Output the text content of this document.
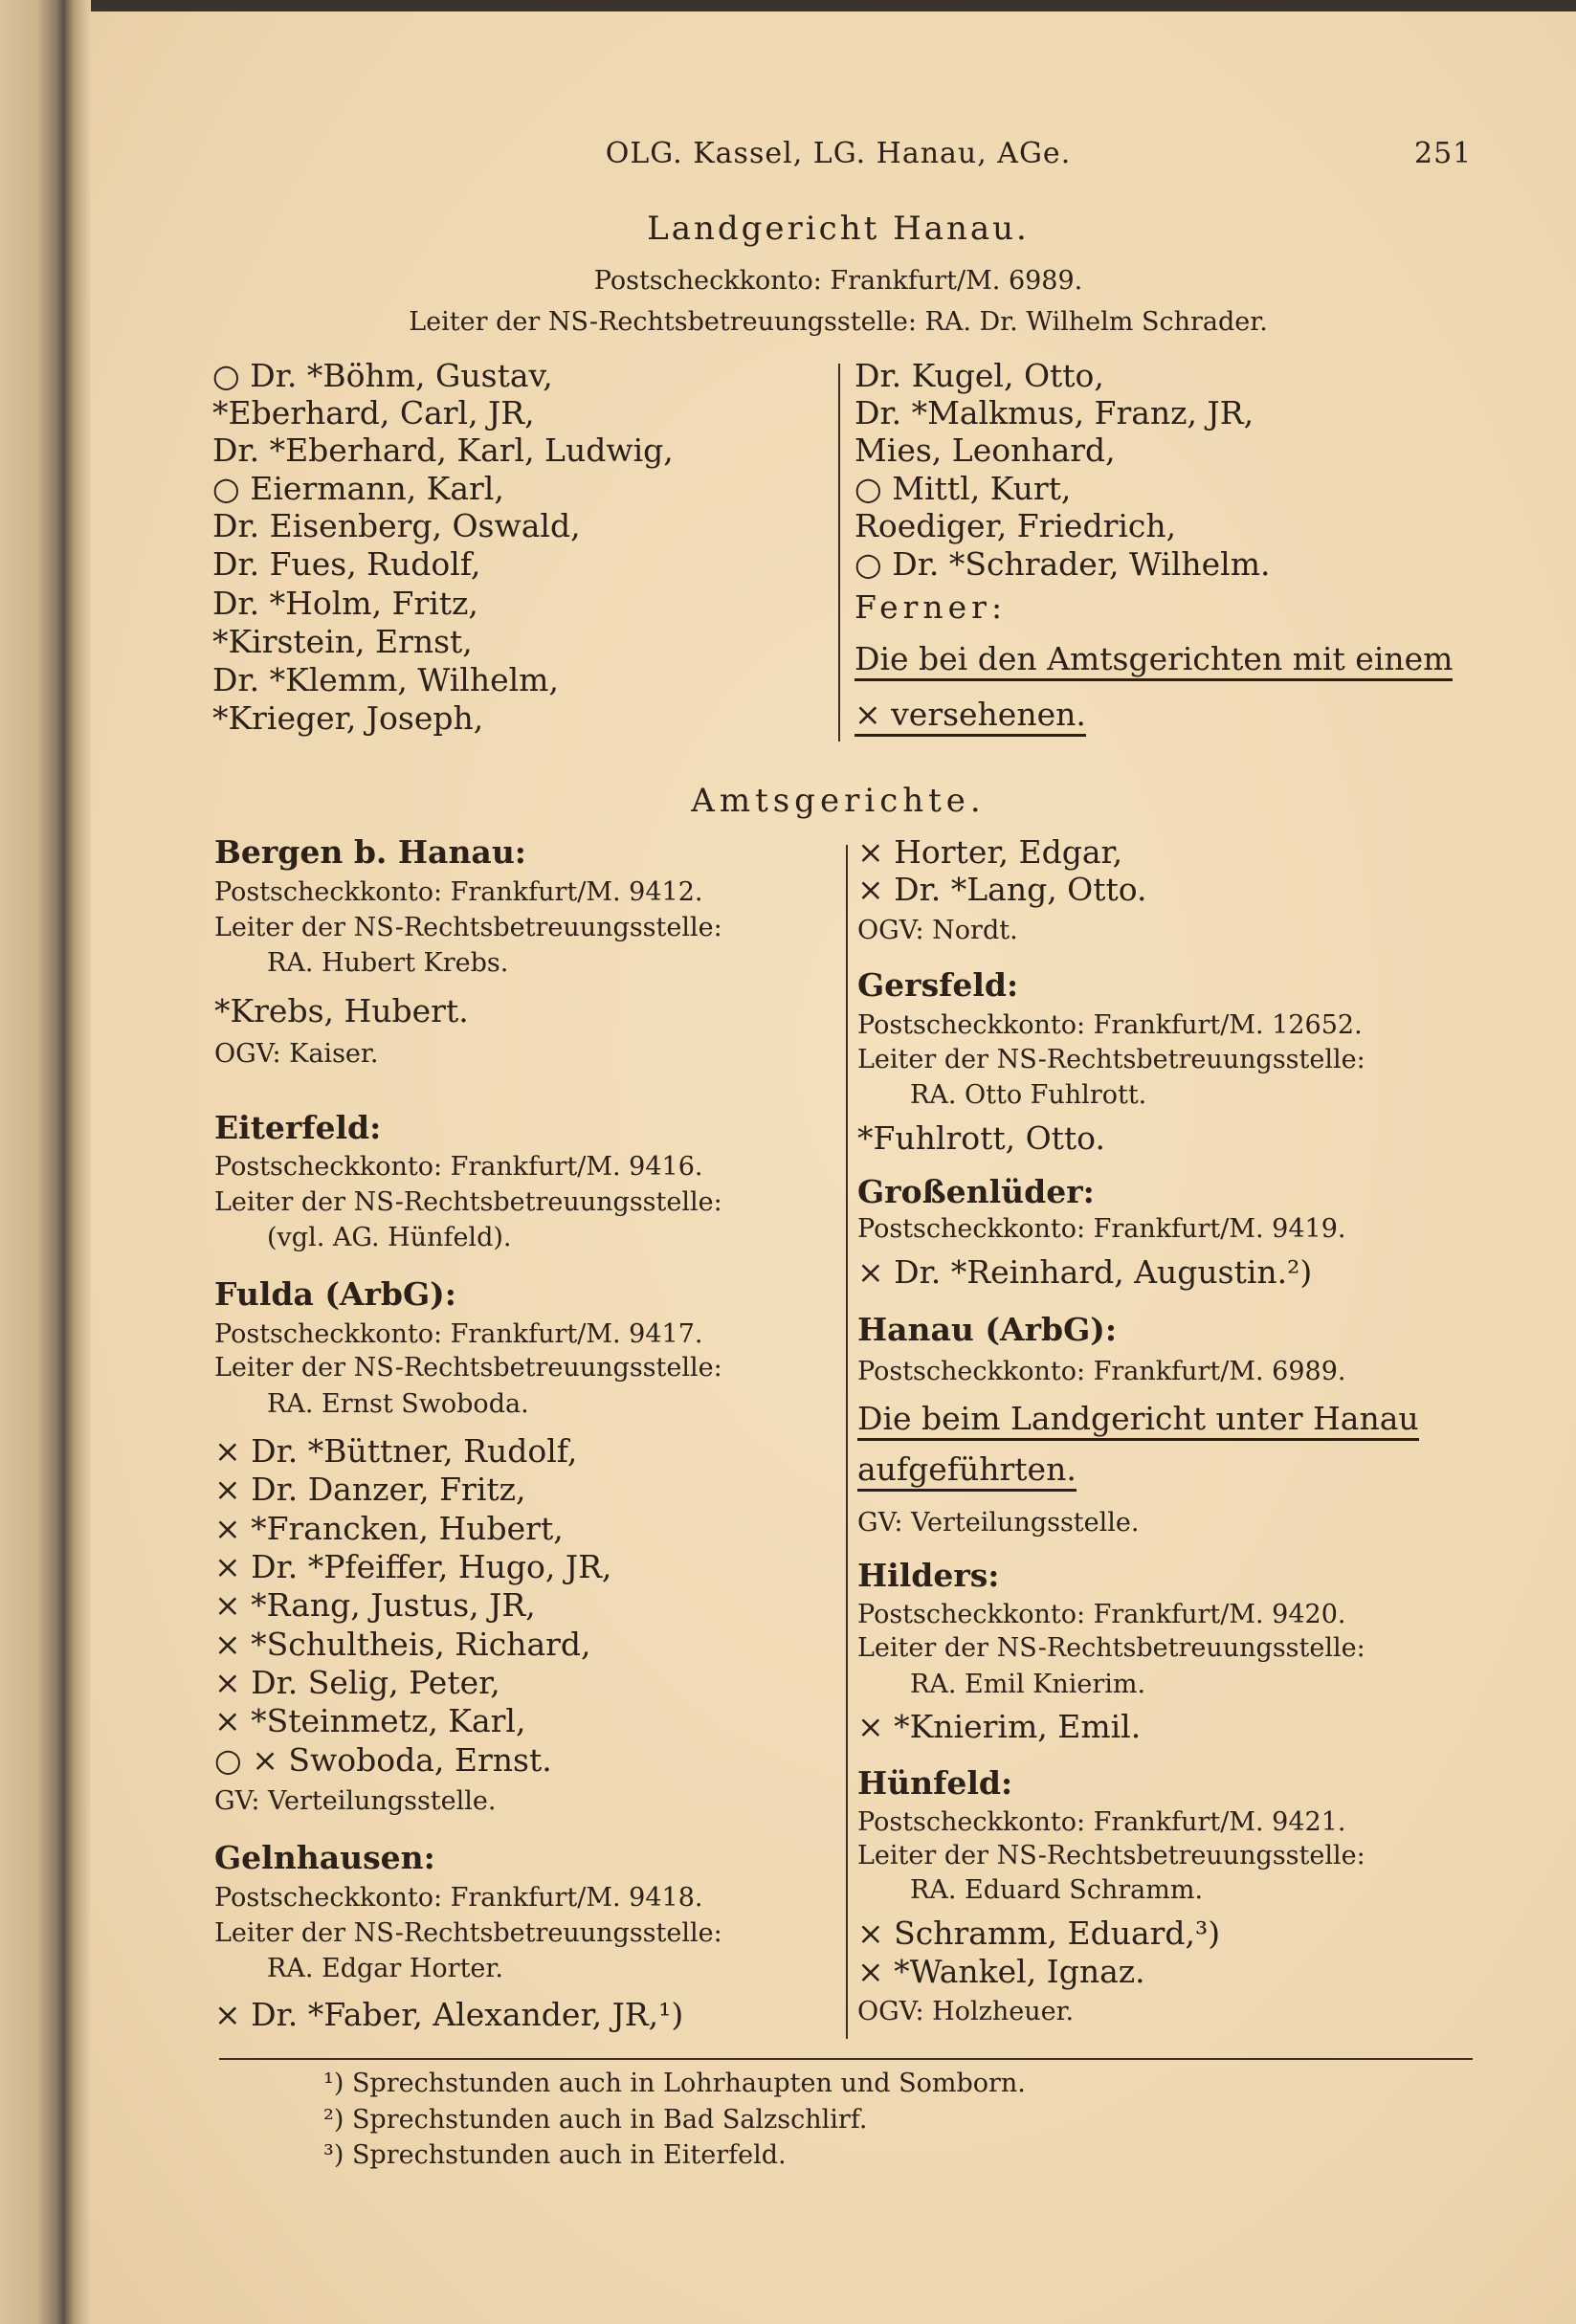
OLG. Kassel, LG. Hanau, AGe.	251
Landgericht Hanau.
Postscheckkonto: Frankfurt/M. 6989.
Leiter der NS-Rechtsbetreuungsstelle: RA. Dr. Wilhelm Schrader.
○ Dr. *Böhm, Gustav,
*Eberhard, Carl, JR,
Dr. *Eberhard, Karl, Ludwig,
○ Eiermann, Karl,
Dr. Eisenberg, Oswald,
Dr. Fues, Rudolf,
Dr. *Holm, Fritz,
*Kirstein, Ernst,
Dr. *Klemm, Wilhelm,
*Krieger, Joseph,
Dr. Kugel, Otto,
Dr. *Malkmus, Franz, JR,
Mies, Leonhard,
○ Mittl, Kurt,
Roediger, Friedrich,
○ Dr. *Schrader, Wilhelm.
Ferner:
Die bei den Amtsgerichten mit einem
× versehenen.
Amtsgerichte.
Bergen b. Hanau:
Postscheckkonto: Frankfurt/M. 9412.
Leiter der NS-Rechtsbetreuungsstelle:
RA. Hubert Krebs.
*Krebs, Hubert.
OGV: Kaiser.
Eiterfeld:
Postscheckkonto: Frankfurt/M. 9416.
Leiter der NS-Rechtsbetreuungsstelle:
(vgl. AG. Hünfeld).
Fulda (ArbG):
Postscheckkonto: Frankfurt/M. 9417.
Leiter der NS-Rechtsbetreuungsstelle:
RA. Ernst Swoboda.
× Dr. *Büttner, Rudolf,
× Dr. Danzer, Fritz,
× *Francken, Hubert,
× Dr. *Pfeiffer, Hugo, JR,
× *Rang, Justus, JR,
× *Schultheis, Richard,
× Dr. Selig, Peter,
× *Steinmetz, Karl,
○ × Swoboda, Ernst.
GV: Verteilungsstelle.
Gelnhausen:
Postscheckkonto: Frankfurt/M. 9418.
Leiter der NS-Rechtsbetreuungsstelle:
RA. Edgar Horter.
× Dr. *Faber, Alexander, JR,¹)
× Horter, Edgar,
× Dr. *Lang, Otto.
OGV: Nordt.
Gersfeld:
Postscheckkonto: Frankfurt/M. 12652.
Leiter der NS-Rechtsbetreuungsstelle:
RA. Otto Fuhlrott.
*Fuhlrott, Otto.
Großenlüder:
Postscheckkonto: Frankfurt/M. 9419.
× Dr. *Reinhard, Augustin.²)
Hanau (ArbG):
Postscheckkonto: Frankfurt/M. 6989.
Die beim Landgericht unter Hanau
aufgeführten.
GV: Verteilungsstelle.
Hilders:
Postscheckkonto: Frankfurt/M. 9420.
Leiter der NS-Rechtsbetreuungsstelle:
RA. Emil Knierim.
× *Knierim, Emil.
Hünfeld:
Postscheckkonto: Frankfurt/M. 9421.
Leiter der NS-Rechtsbetreuungsstelle:
RA. Eduard Schramm.
× Schramm, Eduard,³)
× *Wankel, Ignaz.
OGV: Holzheuer.
¹) Sprechstunden auch in Lohrhaupten und Somborn.
²) Sprechstunden auch in Bad Salzschlirf.
³) Sprechstunden auch in Eiterfeld.
